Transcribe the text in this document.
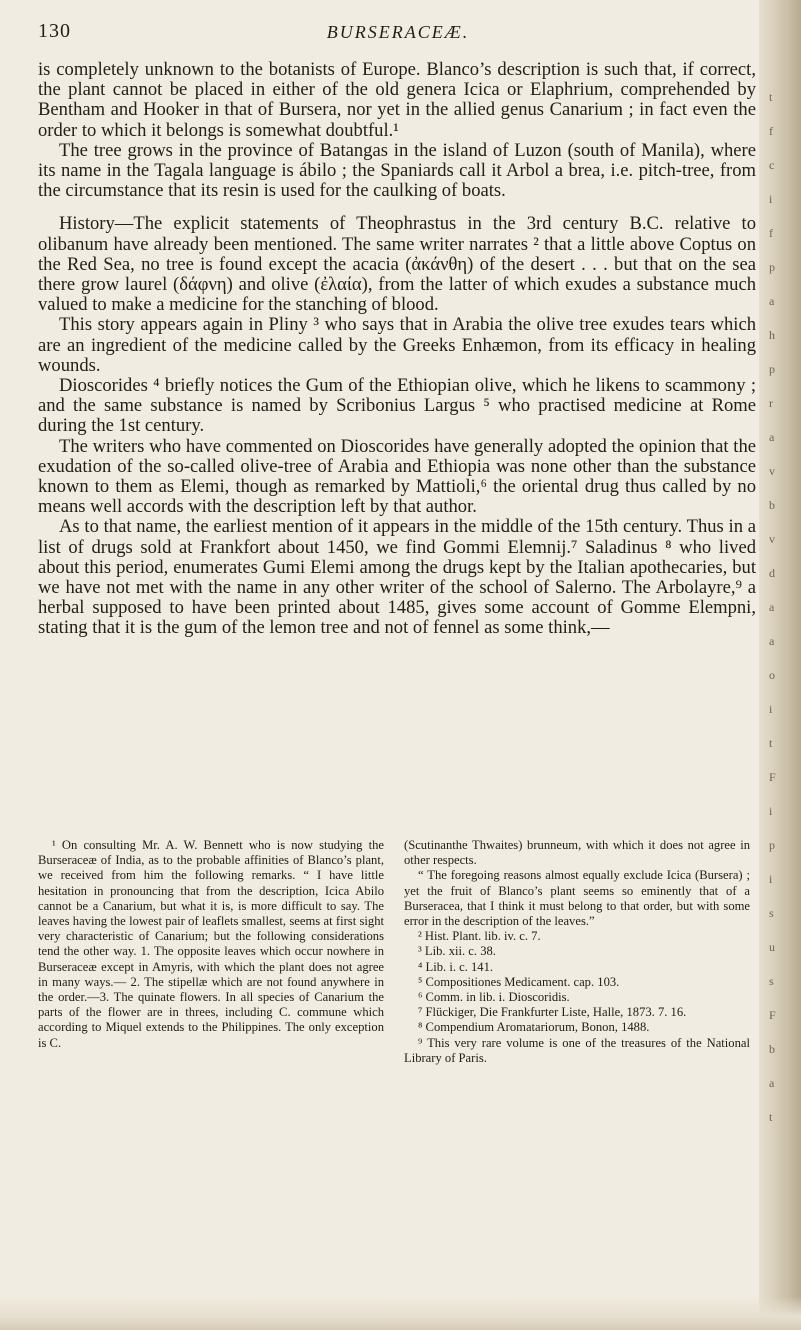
t
f
c
i
f
p
a
h
p
r
a
v
b
v
d
a
a
o
i
t
F
i
p
i
s
u
s
F
b
a
t
130	BURSERACEÆ.

is completely unknown to the botanists of Europe. Blanco’s description is such that, if correct, the plant cannot be placed in either of the old genera Icica or Elaphrium, comprehended by Bentham and Hooker in that of Bursera, nor yet in the allied genus Canarium ; in fact even the order to which it belongs is somewhat doubtful.¹

The tree grows in the province of Batangas in the island of Luzon (south of Manila), where its name in the Tagala language is ábilo ; the Spaniards call it Arbol a brea, i.e. pitch-tree, from the circumstance that its resin is used for the caulking of boats.

History—The explicit statements of Theophrastus in the 3rd century B.C. relative to olibanum have already been mentioned. The same writer narrates ² that a little above Coptus on the Red Sea, no tree is found except the acacia (ἀκάνθη) of the desert . . . but that on the sea there grow laurel (δάφνη) and olive (ἐλαία), from the latter of which exudes a substance much valued to make a medicine for the stanching of blood.

This story appears again in Pliny ³ who says that in Arabia the olive tree exudes tears which are an ingredient of the medicine called by the Greeks Enhæmon, from its efficacy in healing wounds.

Dioscorides ⁴ briefly notices the Gum of the Ethiopian olive, which he likens to scammony ; and the same substance is named by Scribonius Largus ⁵ who practised medicine at Rome during the 1st century.

The writers who have commented on Dioscorides have generally adopted the opinion that the exudation of the so-called olive-tree of Arabia and Ethiopia was none other than the substance known to them as Elemi, though as remarked by Mattioli,⁶ the oriental drug thus called by no means well accords with the description left by that author.

As to that name, the earliest mention of it appears in the middle of the 15th century. Thus in a list of drugs sold at Frankfort about 1450, we find Gommi Elemnij.⁷ Saladinus ⁸ who lived about this period, enumerates Gumi Elemi among the drugs kept by the Italian apothecaries, but we have not met with the name in any other writer of the school of Salerno. The Arbolayre,⁹ a herbal supposed to have been printed about 1485, gives some account of Gomme Elempni, stating that it is the gum of the lemon tree and not of fennel as some think,—

¹ On consulting Mr. A. W. Bennett who is now studying the Burseraceæ of India, as to the probable affinities of Blanco’s plant, we received from him the following remarks. “ I have little hesitation in pronouncing that from the description, Icica Abilo cannot be a Canarium, but what it is, is more difficult to say. The leaves having the lowest pair of leaflets smallest, seems at first sight very characteristic of Canarium; but the following considerations tend the other way. 1. The opposite leaves which occur nowhere in Burseraceæ except in Amyris, with which the plant does not agree in many ways.— 2. The stipellæ which are not found anywhere in the order.—3. The quinate flowers. In all species of Canarium the parts of the flower are in threes, including C. commune which according to Miquel extends to the Philippines. The only exception is C.

(Scutinanthe Thwaites) brunneum, with which it does not agree in other respects.

“ The foregoing reasons almost equally exclude Icica (Bursera) ; yet the fruit of Blanco’s plant seems so eminently that of a Burseracea, that I think it must belong to that order, but with some error in the description of the leaves.”

² Hist. Plant. lib. iv. c. 7.

³ Lib. xii. c. 38.

⁴ Lib. i. c. 141.

⁵ Compositiones Medicament. cap. 103.

⁶ Comm. in lib. i. Dioscoridis.

⁷ Flückiger, Die Frankfurter Liste, Halle, 1873. 7. 16.

⁸ Compendium Aromatariorum, Bonon, 1488.

⁹ This very rare volume is one of the treasures of the National Library of Paris.
